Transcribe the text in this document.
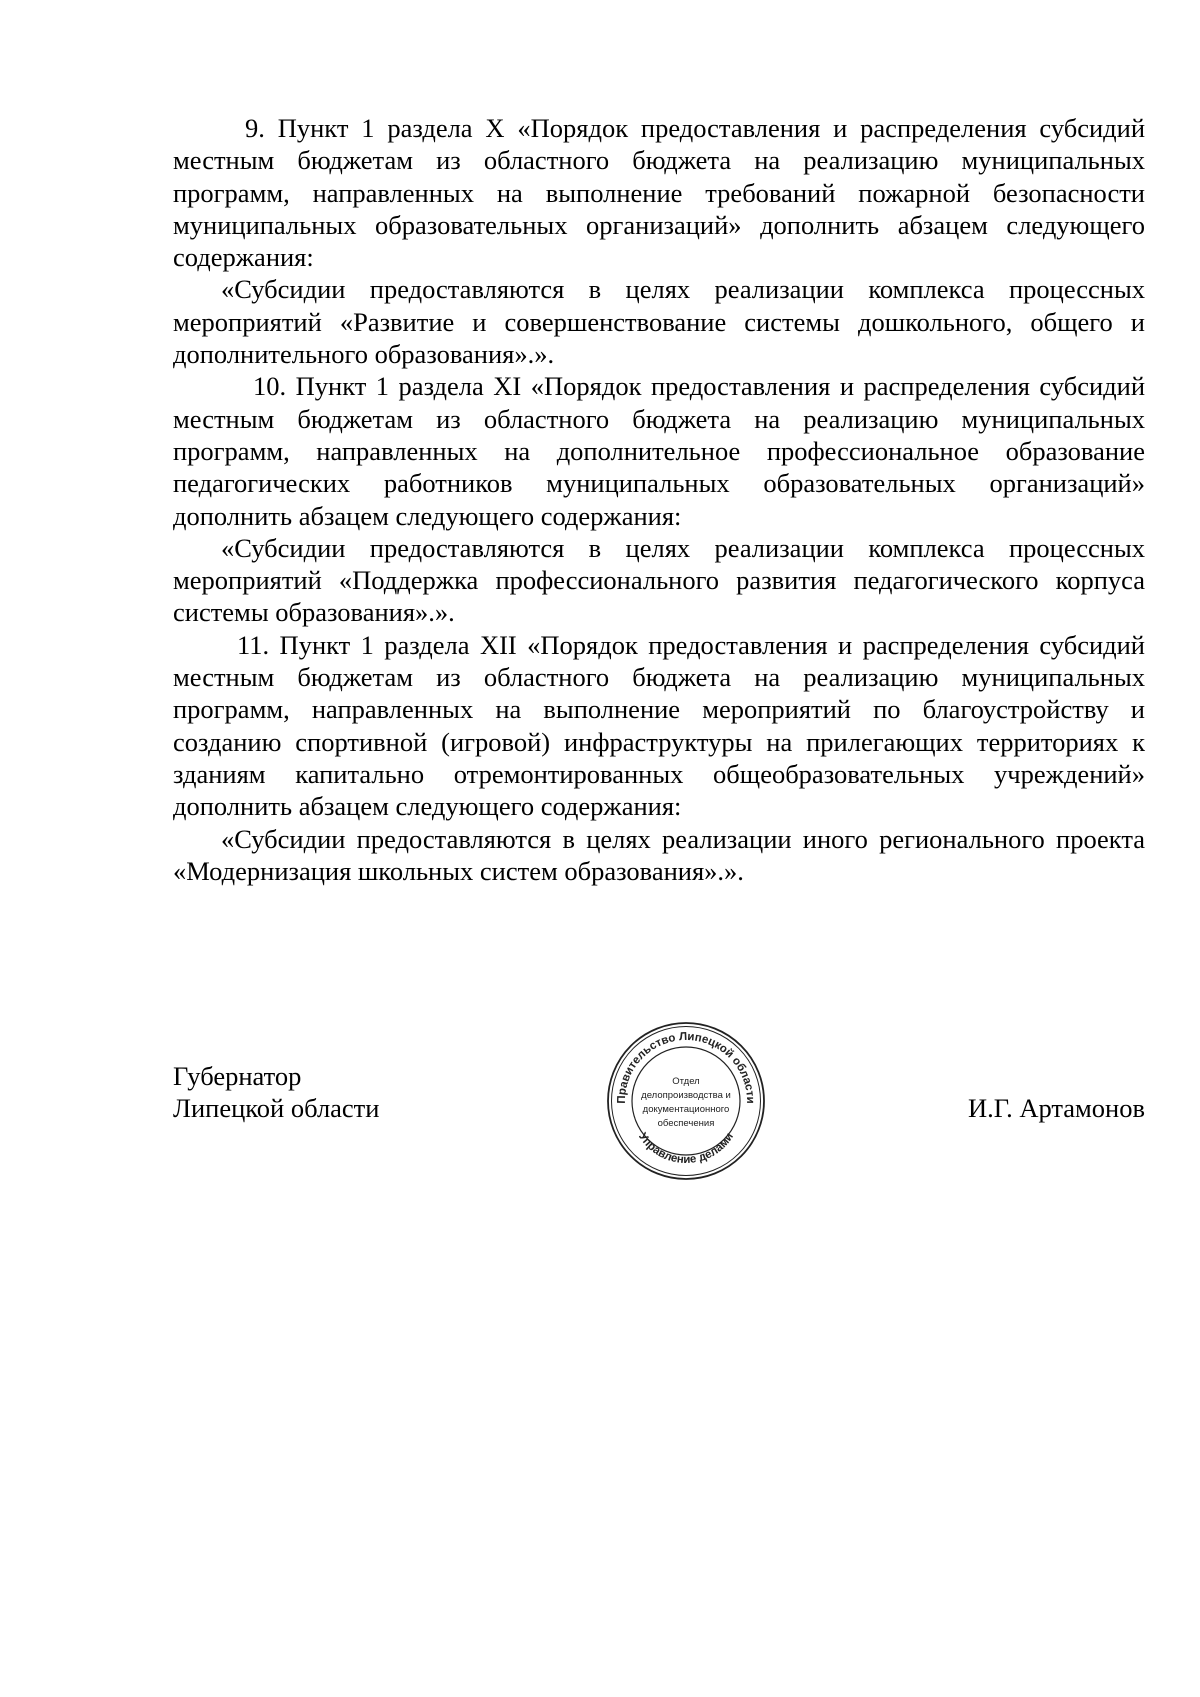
9. Пункт 1 раздела X «Порядок предоставления и распределения субсидий местным бюджетам из областного бюджета на реализацию муниципальных программ, направленных на выполнение требований пожарной безопасности муниципальных образовательных организаций» дополнить абзацем следующего содержания:

«Субсидии предоставляются в целях реализации комплекса процессных мероприятий «Развитие и совершенствование системы дошкольного, общего и дополнительного образования».».

10. Пункт 1 раздела XI «Порядок предоставления и распределения субсидий местным бюджетам из областного бюджета на реализацию муниципальных программ, направленных на дополнительное профессиональное образование педагогических работников муниципальных образовательных организаций» дополнить абзацем следующего содержания:

«Субсидии предоставляются в целях реализации комплекса процессных мероприятий «Поддержка профессионального развития педагогического корпуса системы образования».».

11. Пункт 1 раздела XII «Порядок предоставления и распределения субсидий местным бюджетам из областного бюджета на реализацию муниципальных программ, направленных на выполнение мероприятий по благоустройству и созданию спортивной (игровой) инфраструктуры на прилегающих территориях к зданиям капитально отремонтированных общеобразовательных учреждений» дополнить абзацем следующего содержания:

«Субсидии предоставляются в целях реализации иного регионального проекта «Модернизация школьных систем образования».».

Губернатор
Липецкой области	И.Г. Артамонов
Правительство Липецкой области
Управление делами
Отдел
делопроизводства и
документационного
обеспечения
